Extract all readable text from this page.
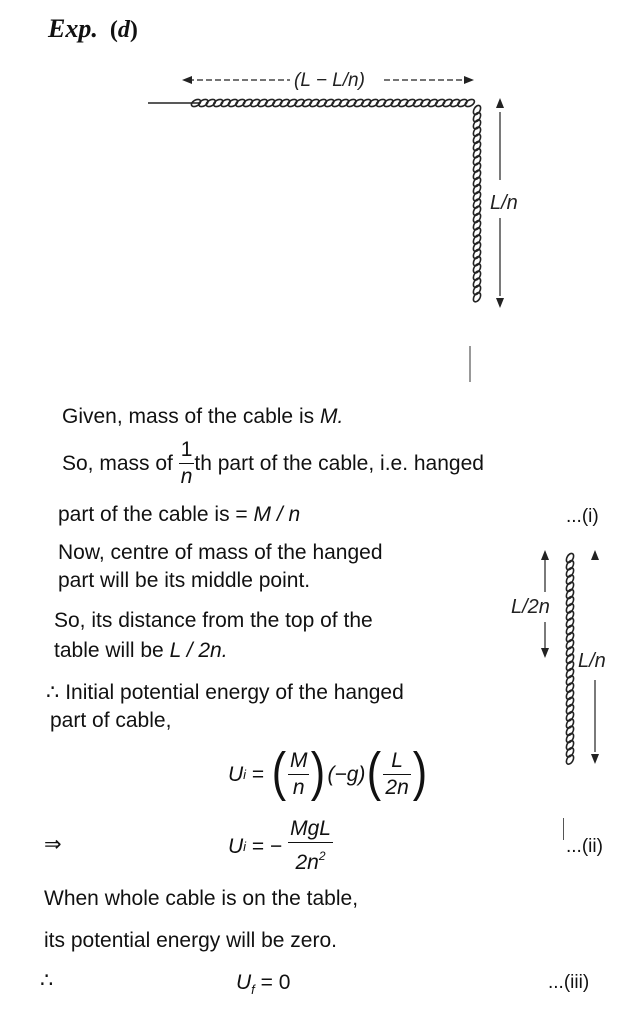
Exp. (d)
(L − L/n)
L/n
L/2n
L/n
Given, mass of the cable is M.
So, mass of $\frac{1}{n}$ th part of the cable, i.e. hanged
part of the cable is = M / n	...(i)
Now, centre of mass of the hanged
part will be its middle point.
So, its distance from the top of the
table will be L / 2n.
∴ Initial potential energy of the hanged
part of cable,
U i = ( $\frac{M}{n}$ ) (−g) ( $\frac{L}{2n}$ )
⇒	U i = − $\frac{\text{MgL}}{2n^2}$	...(ii)
When whole cable is on the table,
its potential energy will be zero.
∴	$U_f = 0$	...(iii)
